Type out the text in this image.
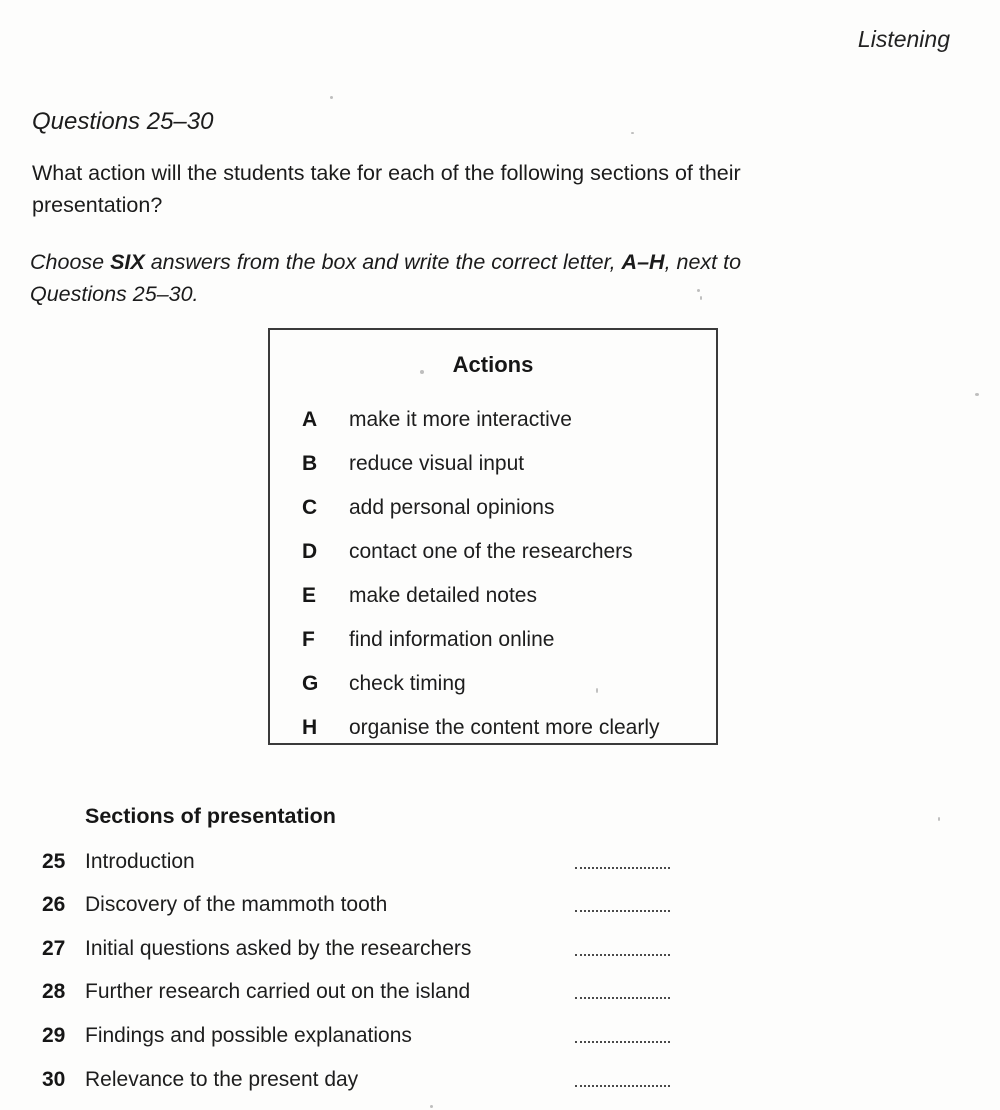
Listening
Questions 25–30
What action will the students take for each of the following sections of their presentation?
Choose SIX answers from the box and write the correct letter, A–H, next to Questions 25–30.
Actions
A make it more interactive
B reduce visual input
C add personal opinions
D contact one of the researchers
E make detailed notes
F find information online
G check timing
H organise the content more clearly
Sections of presentation
25 Introduction
26 Discovery of the mammoth tooth
27 Initial questions asked by the researchers
28 Further research carried out on the island
29 Findings and possible explanations
30 Relevance to the present day
